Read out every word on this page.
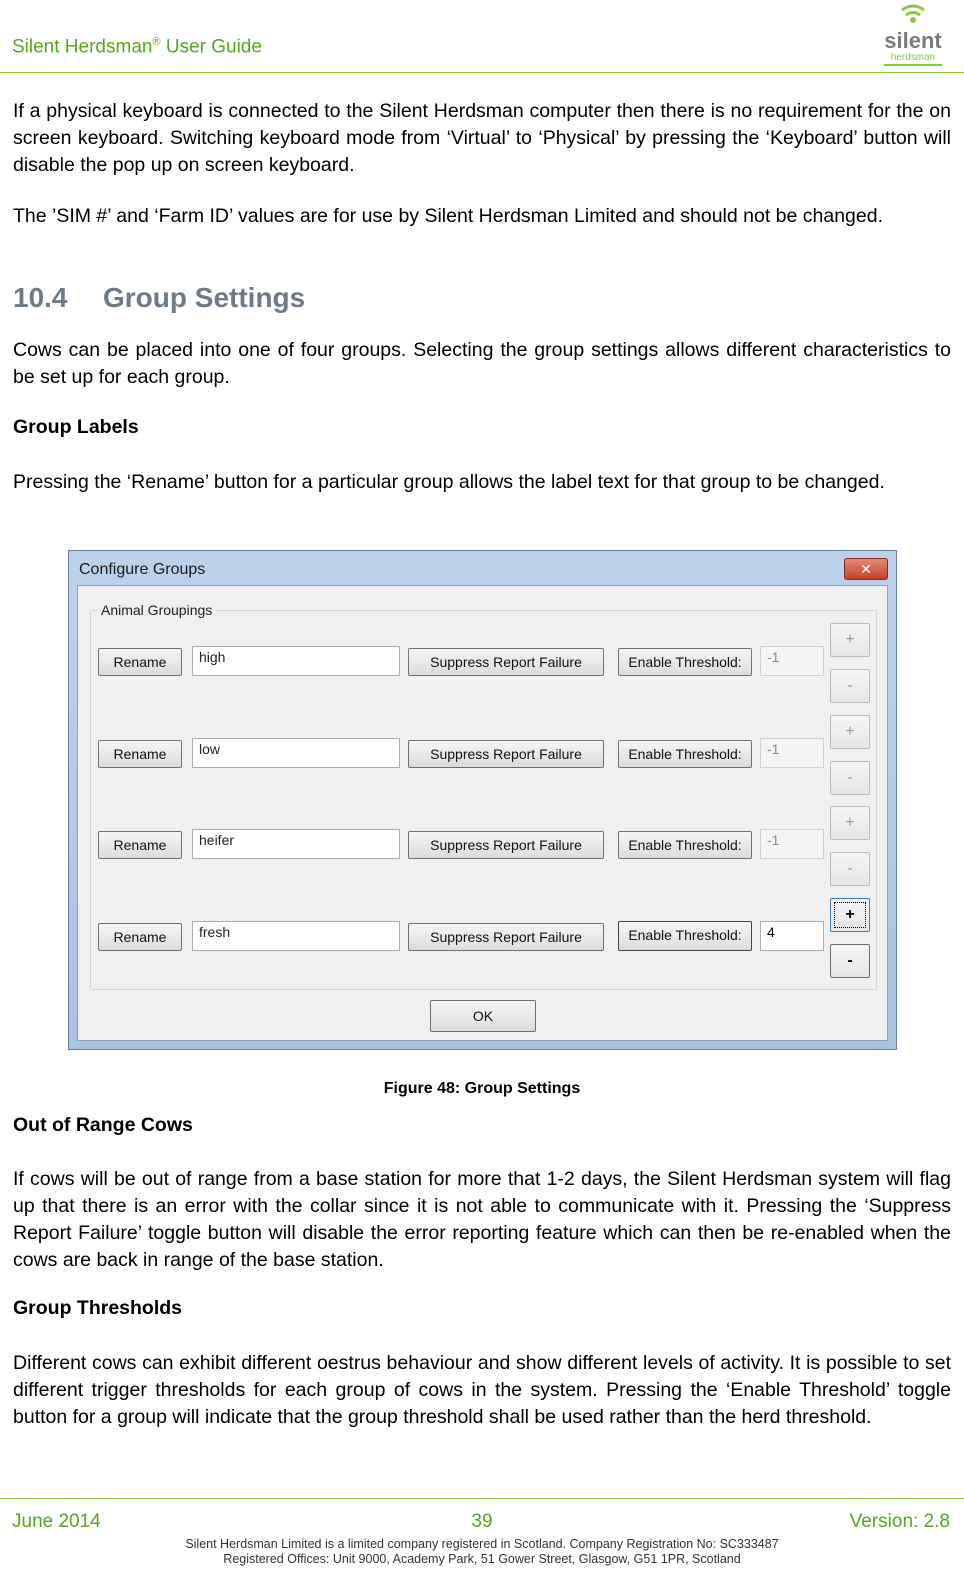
Silent Herdsman® User Guide	silent
herdsman
If a physical keyboard is connected to the Silent Herdsman computer then there is no requirement for the on screen keyboard. Switching keyboard mode from ‘Virtual’ to ‘Physical’ by pressing the ‘Keyboard’ button will disable the pop up on screen keyboard.
The ’SIM #’ and ‘Farm ID’ values are for use by Silent Herdsman Limited and should not be changed.
10.4 Group Settings
Cows can be placed into one of four groups. Selecting the group settings allows different characteristics to be set up for each group.
Group Labels
Pressing the ‘Rename’ button for a particular group allows the label text for that group to be changed.
Configure Groups	✕
Animal Groupings
Rename	high	Suppress Report Failure	Enable Threshold:	-1
+
-
Rename	low	Suppress Report Failure	Enable Threshold:	-1
+
-
Rename	heifer	Suppress Report Failure	Enable Threshold:	-1
+
-
Rename	fresh	Suppress Report Failure	Enable Threshold:	4
+
-
OK
Figure 48: Group Settings
Out of Range Cows
If cows will be out of range from a base station for more that 1-2 days, the Silent Herdsman system will flag up that there is an error with the collar since it is not able to communicate with it. Pressing the ‘Suppress Report Failure’ toggle button will disable the error reporting feature which can then be re-enabled when the cows are back in range of the base station.
Group Thresholds
Different cows can exhibit different oestrus behaviour and show different levels of activity. It is possible to set different trigger thresholds for each group of cows in the system. Pressing the ‘Enable Threshold’ toggle button for a group will indicate that the group threshold shall be used rather than the herd threshold.
June 2014	39	Version: 2.8
Silent Herdsman Limited is a limited company registered in Scotland. Company Registration No: SC333487
Registered Offices: Unit 9000, Academy Park, 51 Gower Street, Glasgow, G51 1PR, Scotland
